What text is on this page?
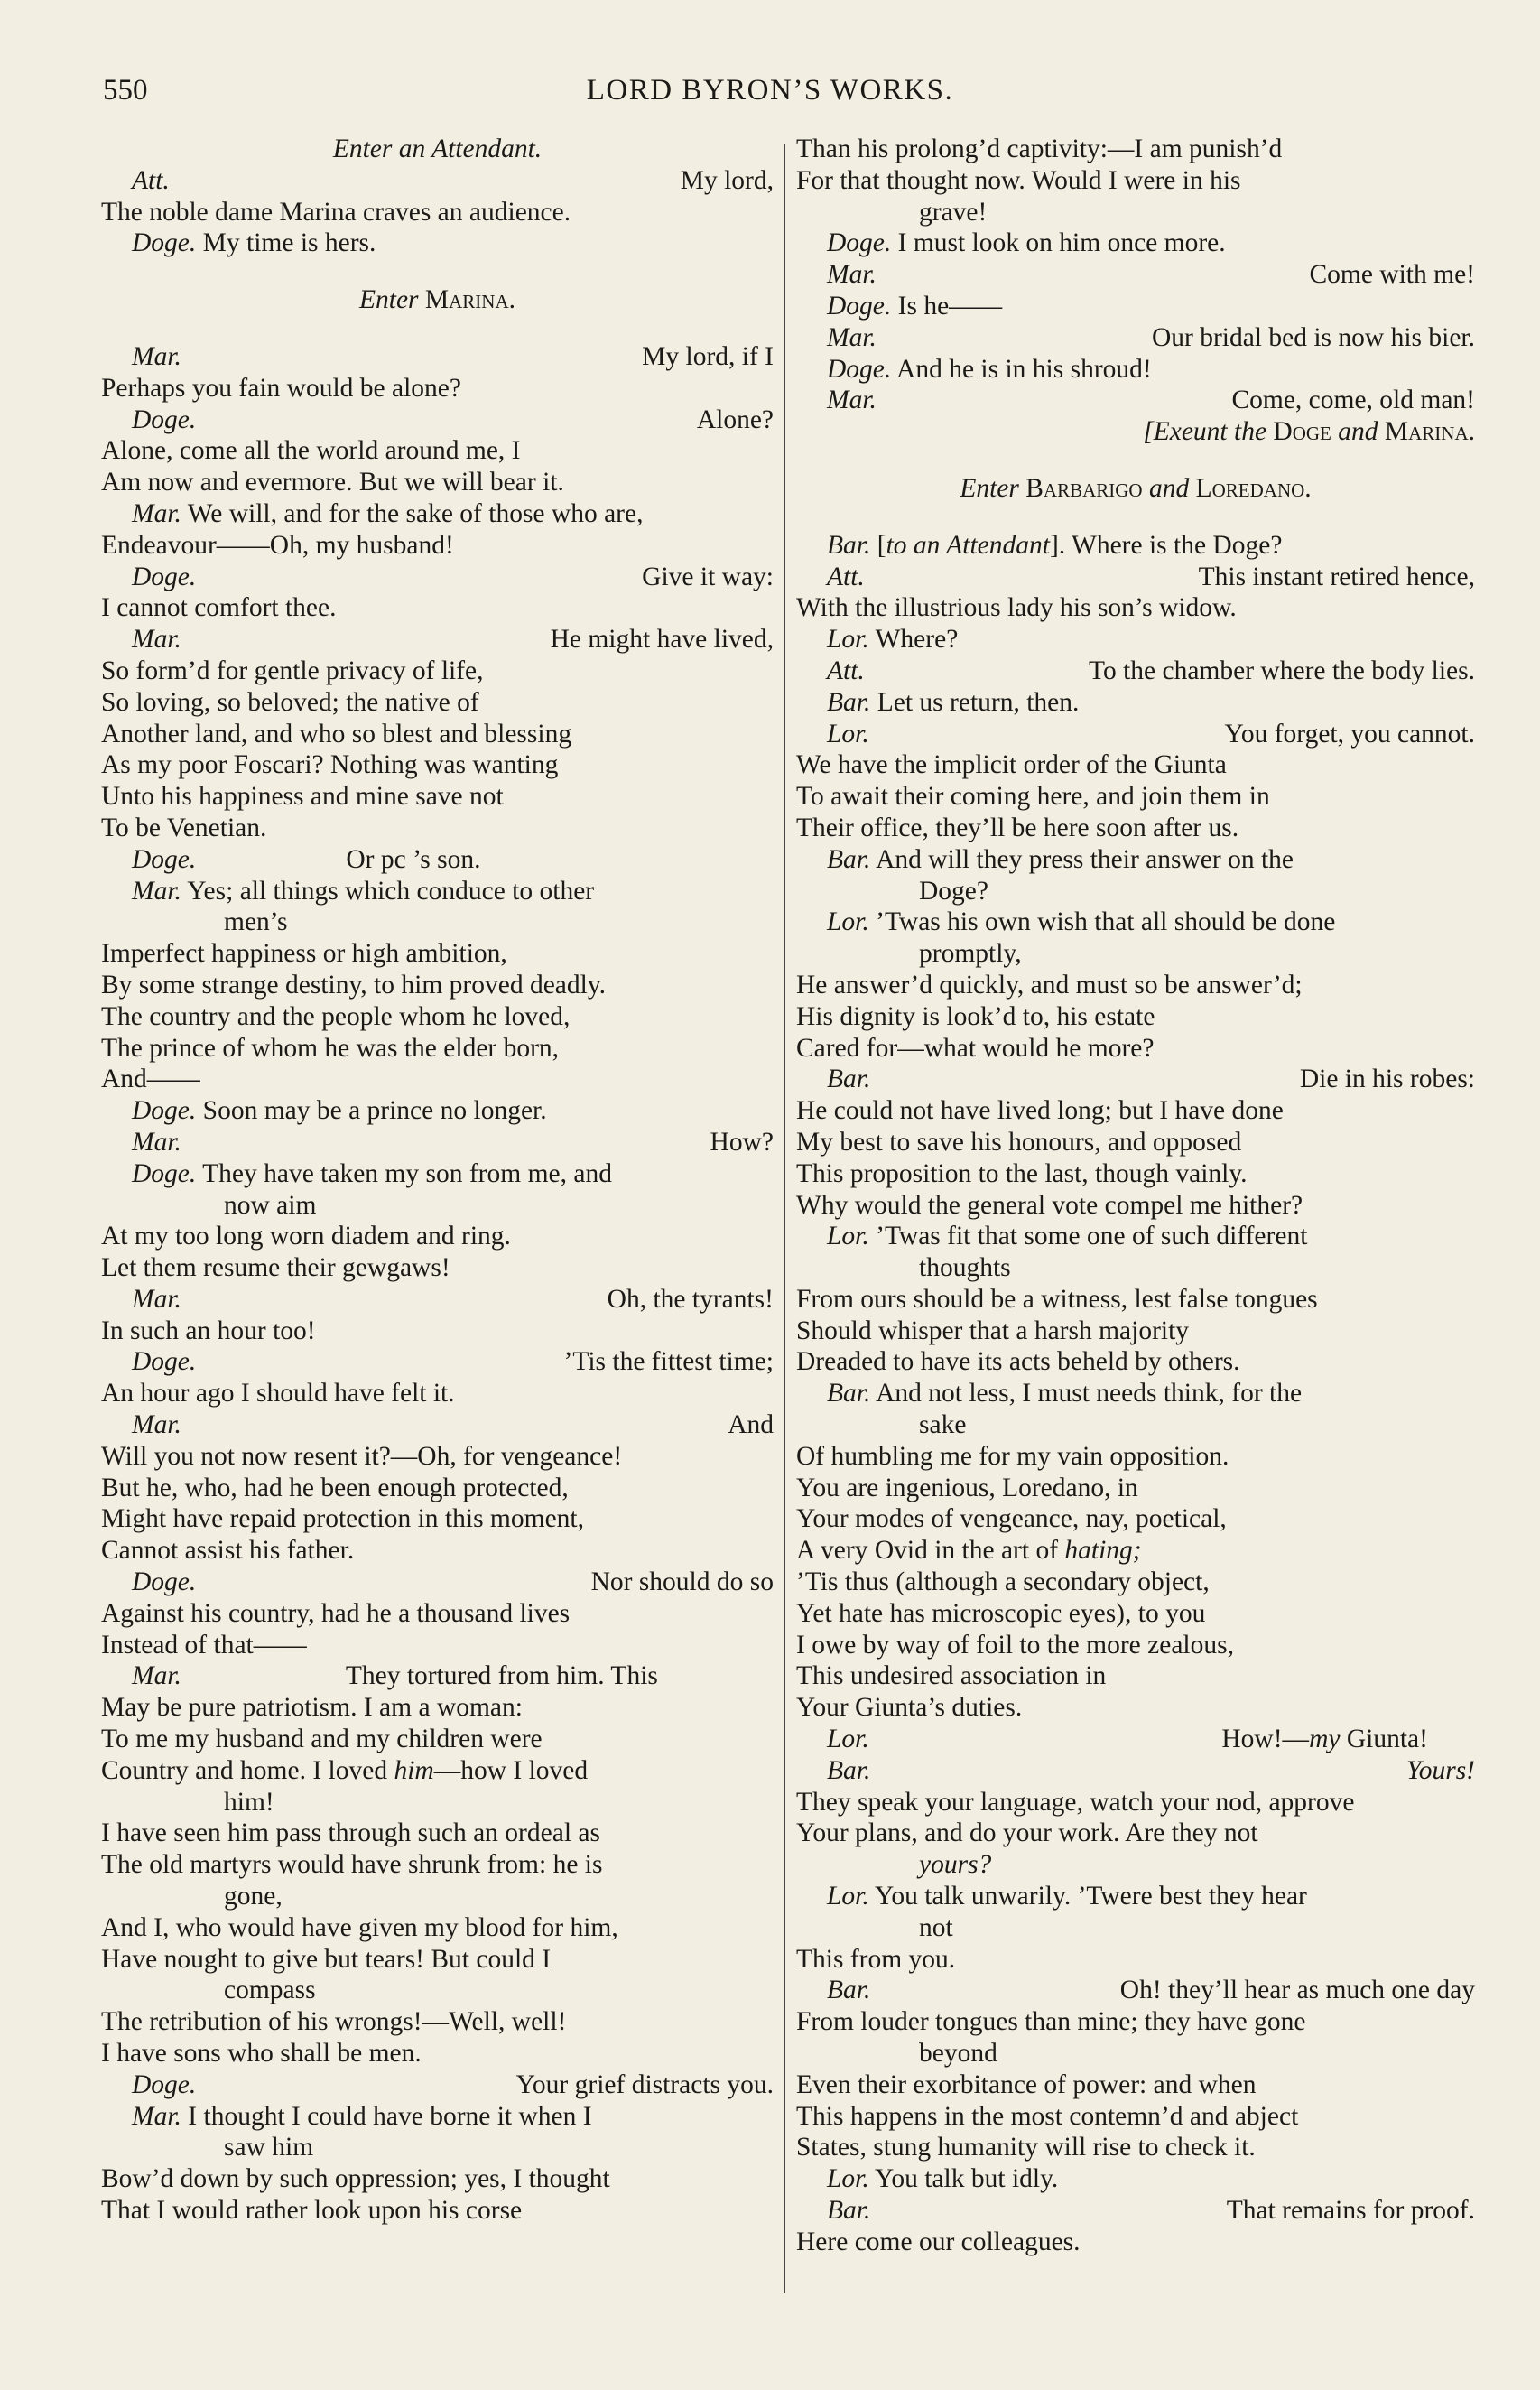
550	LORD BYRON’S WORKS.
Enter an Attendant.
Att.	My lord,
The noble dame Marina craves an audience.
Doge. My time is hers.
Enter Marina.
Mar.	My lord, if I
Perhaps you fain would be alone?
Doge.	Alone?
Alone, come all the world around me, I
Am now and evermore. But we will bear it.
Mar. We will, and for the sake of those who are,
Endeavour——Oh, my husband!
Doge.	Give it way:
I cannot comfort thee.
Mar.	He might have lived,
So form’d for gentle privacy of life,
So loving, so beloved; the native of
Another land, and who so blest and blessing
As my poor Foscari? Nothing was wanting
Unto his happiness and mine save not
To be Venetian.
Doge.	Or pc ’s son.
Mar. Yes; all things which conduce to other
men’s
Imperfect happiness or high ambition,
By some strange destiny, to him proved deadly.
The country and the people whom he loved,
The prince of whom he was the elder born,
And——
Doge. Soon may be a prince no longer.
Mar.	How?
Doge. They have taken my son from me, and
now aim
At my too long worn diadem and ring.
Let them resume their gewgaws!
Mar.	Oh, the tyrants!
In such an hour too!
Doge.	’Tis the fittest time;
An hour ago I should have felt it.
Mar.	And
Will you not now resent it?—Oh, for vengeance!
But he, who, had he been enough protected,
Might have repaid protection in this moment,
Cannot assist his father.
Doge.	Nor should do so
Against his country, had he a thousand lives
Instead of that——
Mar.	They tortured from him. This
May be pure patriotism. I am a woman:
To me my husband and my children were
Country and home. I loved him—how I loved
him!
I have seen him pass through such an ordeal as
The old martyrs would have shrunk from: he is
gone,
And I, who would have given my blood for him,
Have nought to give but tears! But could I
compass
The retribution of his wrongs!—Well, well!
I have sons who shall be men.
Doge.	Your grief distracts you.
Mar. I thought I could have borne it when I
saw him
Bow’d down by such oppression; yes, I thought
That I would rather look upon his corse
Than his prolong’d captivity:—I am punish’d
For that thought now. Would I were in his
grave!
Doge. I must look on him once more.
Mar.	Come with me!
Doge. Is he——
Mar.	Our bridal bed is now his bier.
Doge. And he is in his shroud!
Mar.	Come, come, old man!
[Exeunt the Doge and Marina.
Enter Barbarigo and Loredano.
Bar. [to an Attendant]. Where is the Doge?
Att.	This instant retired hence,
With the illustrious lady his son’s widow.
Lor. Where?
Att.	To the chamber where the body lies.
Bar. Let us return, then.
Lor.	You forget, you cannot.
We have the implicit order of the Giunta
To await their coming here, and join them in
Their office, they’ll be here soon after us.
Bar. And will they press their answer on the
Doge?
Lor. ’Twas his own wish that all should be done
promptly,
He answer’d quickly, and must so be answer’d;
His dignity is look’d to, his estate
Cared for—what would he more?
Bar.	Die in his robes:
He could not have lived long; but I have done
My best to save his honours, and opposed
This proposition to the last, though vainly.
Why would the general vote compel me hither?
Lor. ’Twas fit that some one of such different
thoughts
From ours should be a witness, lest false tongues
Should whisper that a harsh majority
Dreaded to have its acts beheld by others.
Bar. And not less, I must needs think, for the
sake
Of humbling me for my vain opposition.
You are ingenious, Loredano, in
Your modes of vengeance, nay, poetical,
A very Ovid in the art of hating;
’Tis thus (although a secondary object,
Yet hate has microscopic eyes), to you
I owe by way of foil to the more zealous,
This undesired association in
Your Giunta’s duties.
Lor.	How!—my Giunta!
Bar.	Yours!
They speak your language, watch your nod, approve
Your plans, and do your work. Are they not
yours?
Lor. You talk unwarily. ’Twere best they hear
not
This from you.
Bar.	Oh! they’ll hear as much one day
From louder tongues than mine; they have gone
beyond
Even their exorbitance of power: and when
This happens in the most contemn’d and abject
States, stung humanity will rise to check it.
Lor. You talk but idly.
Bar.	That remains for proof.
Here come our colleagues.
